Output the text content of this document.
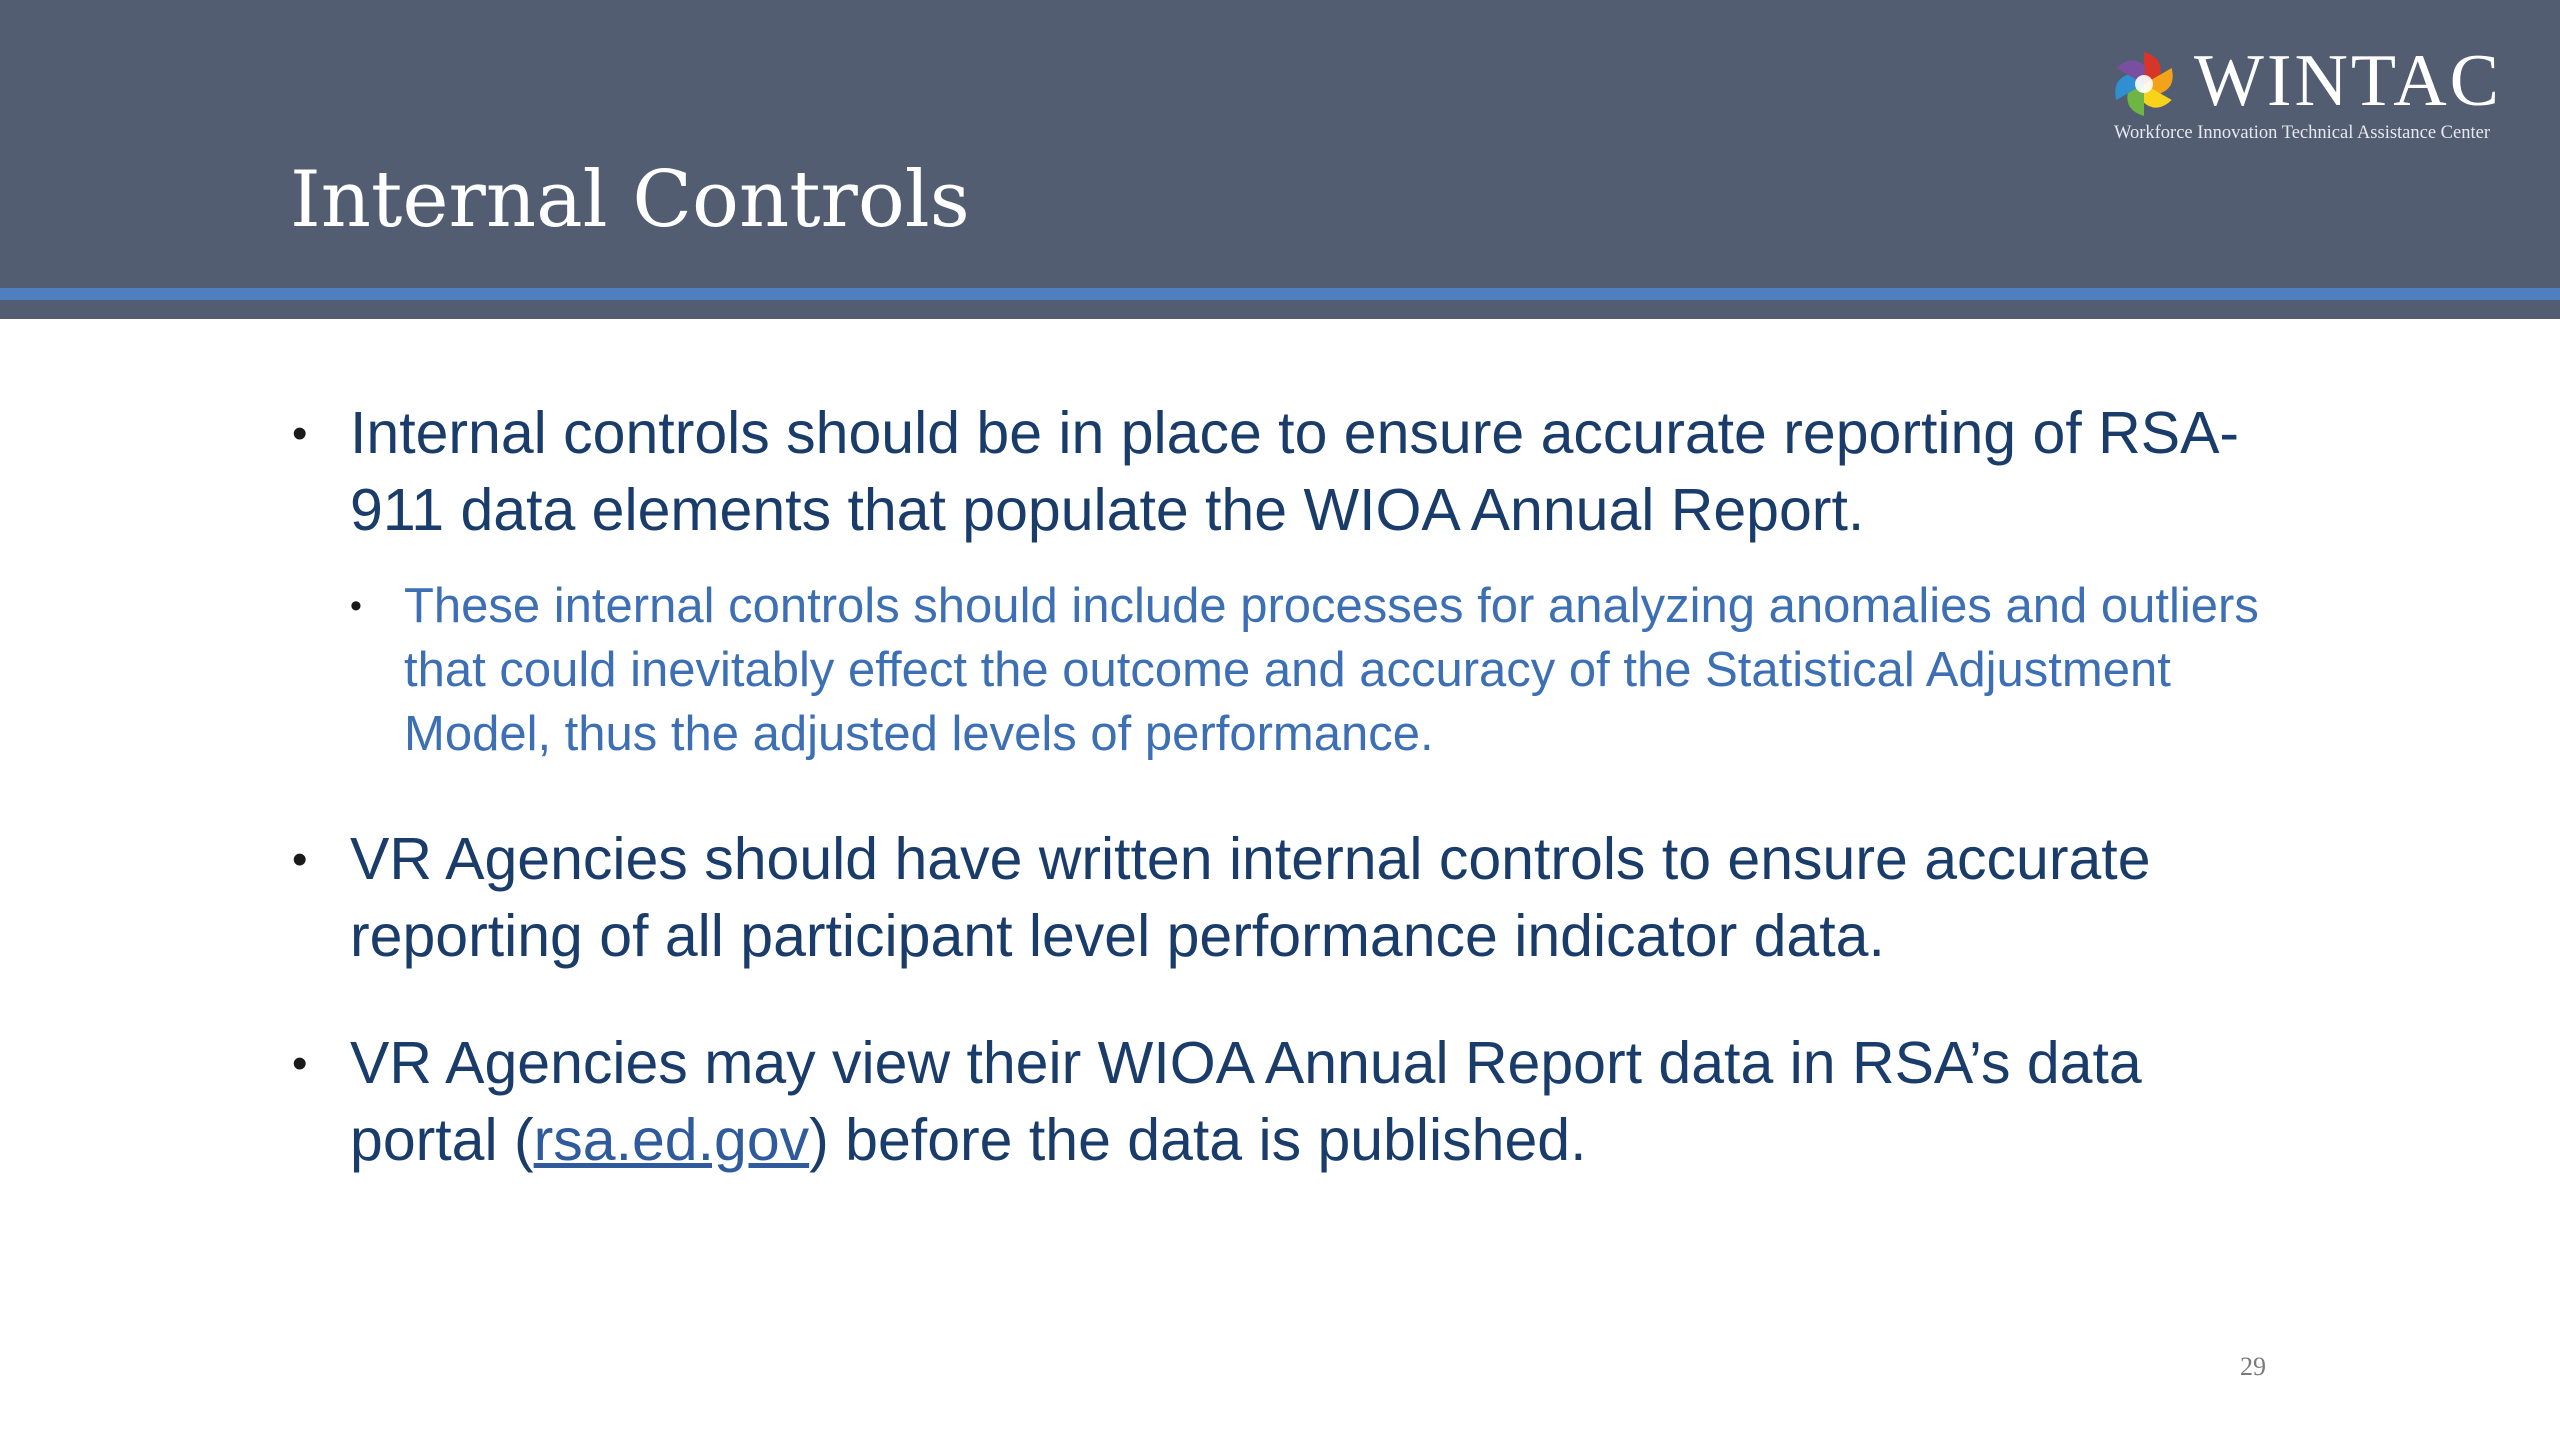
Internal Controls
WINTAC
Workforce Innovation Technical Assistance Center
• Internal controls should be in place to ensure accurate reporting of RSA-911 data elements that populate the WIOA Annual Report.
• These internal controls should include processes for analyzing anomalies and outliers that could inevitably effect the outcome and accuracy of the Statistical Adjustment Model, thus the adjusted levels of performance.
• VR Agencies should have written internal controls to ensure accurate reporting of all participant level performance indicator data.
• VR Agencies may view their WIOA Annual Report data in RSA’s data portal (rsa.ed.gov) before the data is published.
29
